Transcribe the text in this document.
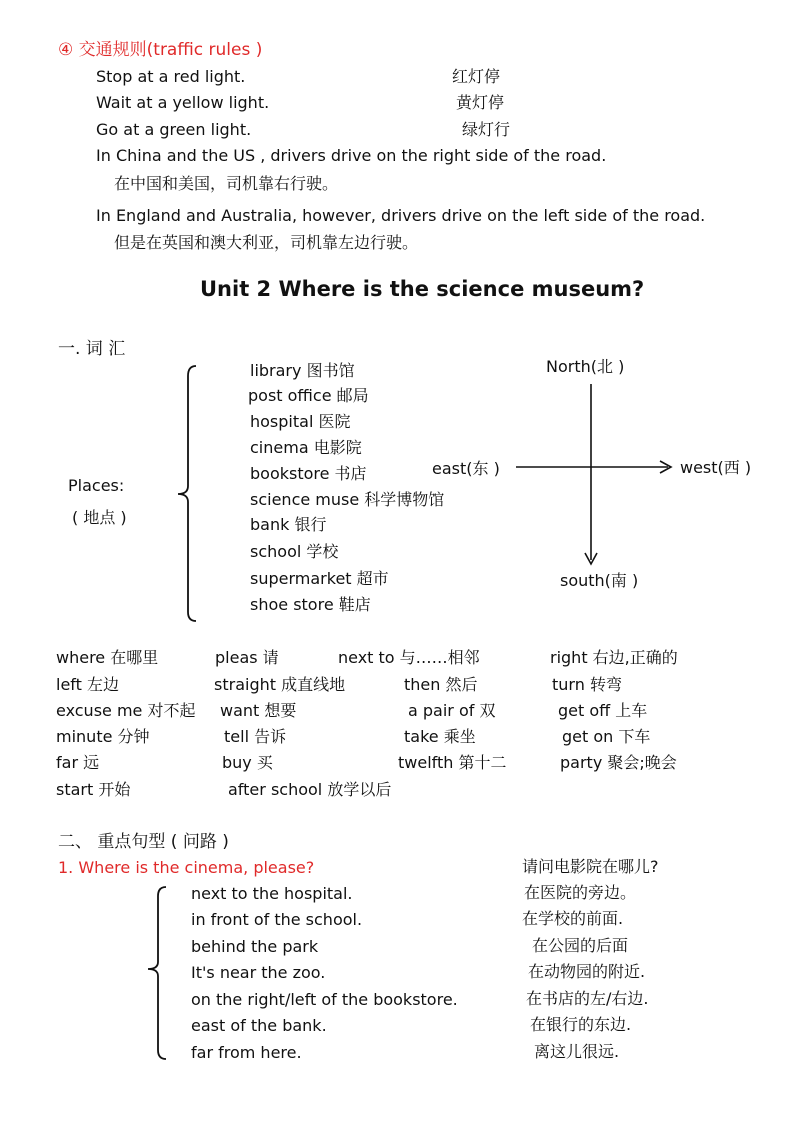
④ 交通规则(traffic rules )
Stop at a red light.	红灯停
Wait at a yellow light.	黄灯停
Go at a green light.	绿灯行
In China and the US , drivers drive on the right side of the road.
在中国和美国，司机靠右行驶。
In England and Australia, however, drivers drive on the left side of the road.
但是在英国和澳大利亚，司机靠左边行驶。
Unit 2 Where is the science museum?
一. 词 汇
Places:
( 地点 )
library 图书馆
post office 邮局
hospital 医院
cinema 电影院
bookstore 书店
science muse 科学博物馆
bank 银行
school 学校
supermarket 超市
shoe store 鞋店
North(北 )
south(南 )
east(东 )	west(西 )
where 在哪里	pleas 请	next to 与……相邻	right 右边,正确的
left 左边	straight 成直线地	then 然后	turn 转弯
excuse me 对不起 want 想要	a pair of 双	get off 上车
minute 分钟	tell 告诉	take 乘坐	get on 下车
far 远	buy 买	twelfth 第十二	party 聚会;晚会
start 开始	after school 放学以后
二、 重点句型 ( 问路 )
1. Where is the cinema, please?	请问电影院在哪儿?
next to the hospital.	在医院的旁边。
in front of the school.	在学校的前面.
behind the park	在公园的后面
It's near the zoo.	在动物园的附近.
on the right/left of the bookstore.	在书店的左/右边.
east of the bank.	在银行的东边.
far from here.	离这儿很远.
